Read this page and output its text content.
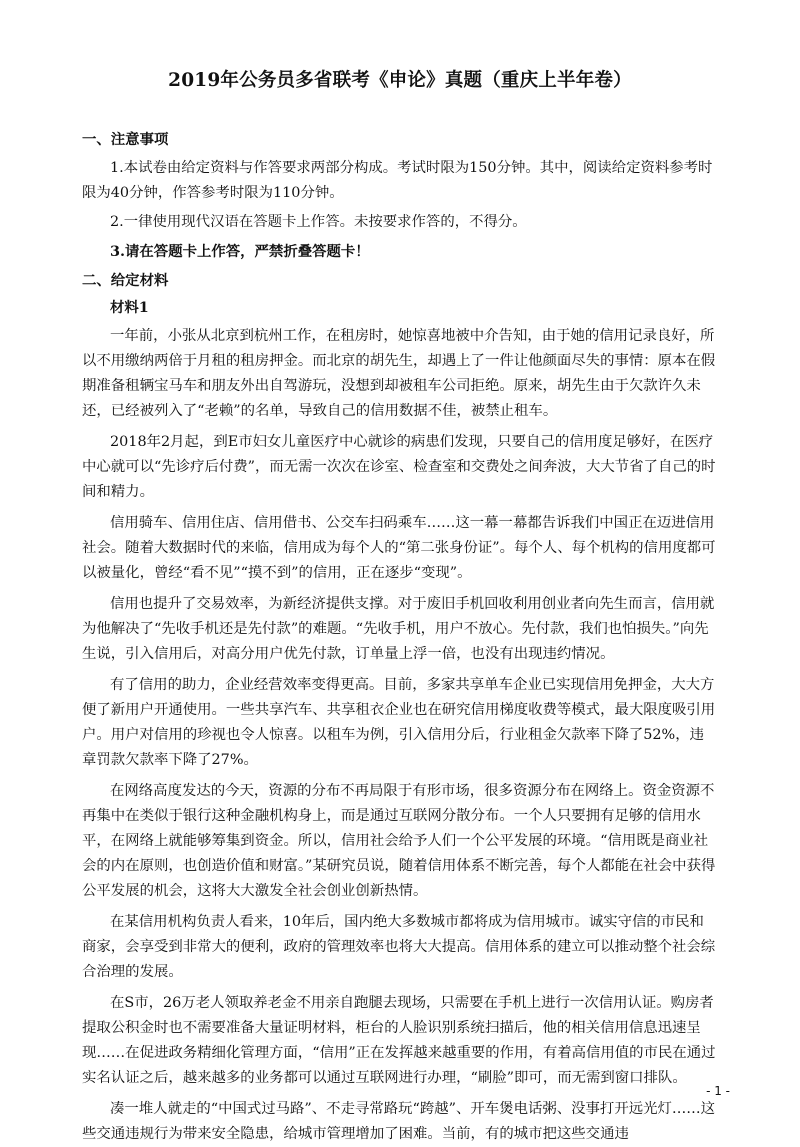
2019年公务员多省联考《申论》真题（重庆上半年卷）

一、注意事项

1.本试卷由给定资料与作答要求两部分构成。考试时限为150分钟。其中，阅读给定资料参考时限为40分钟，作答参考时限为110分钟。

2.一律使用现代汉语在答题卡上作答。未按要求作答的，不得分。

3.请在答题卡上作答，严禁折叠答题卡！

二、给定材料

材料1

一年前，小张从北京到杭州工作，在租房时，她惊喜地被中介告知，由于她的信用记录良好，所以不用缴纳两倍于月租的租房押金。而北京的胡先生，却遇上了一件让他颜面尽失的事情：原本在假期准备租辆宝马车和朋友外出自驾游玩，没想到却被租车公司拒绝。原来，胡先生由于欠款许久未还，已经被列入了“老赖”的名单，导致自己的信用数据不佳，被禁止租车。

2018年2月起，到E市妇女儿童医疗中心就诊的病患们发现，只要自己的信用度足够好，在医疗中心就可以“先诊疗后付费”，而无需一次次在诊室、检查室和交费处之间奔波，大大节省了自己的时间和精力。

信用骑车、信用住店、信用借书、公交车扫码乘车……这一幕一幕都告诉我们中国正在迈进信用社会。随着大数据时代的来临，信用成为每个人的“第二张身份证”。每个人、每个机构的信用度都可以被量化，曾经“看不见”“摸不到”的信用，正在逐步“变现”。

信用也提升了交易效率，为新经济提供支撑。对于废旧手机回收利用创业者向先生而言，信用就为他解决了“先收手机还是先付款”的难题。“先收手机，用户不放心。先付款，我们也怕损失。”向先生说，引入信用后，对高分用户优先付款，订单量上浮一倍，也没有出现违约情况。

有了信用的助力，企业经营效率变得更高。目前，多家共享单车企业已实现信用免押金，大大方便了新用户开通使用。一些共享汽车、共享租衣企业也在研究信用梯度收费等模式，最大限度吸引用户。用户对信用的珍视也令人惊喜。以租车为例，引入信用分后，行业租金欠款率下降了52%，违章罚款欠款率下降了27%。

在网络高度发达的今天，资源的分布不再局限于有形市场，很多资源分布在网络上。资金资源不再集中在类似于银行这种金融机构身上，而是通过互联网分散分布。一个人只要拥有足够的信用水平，在网络上就能够筹集到资金。所以，信用社会给予人们一个公平发展的环境。“信用既是商业社会的内在原则，也创造价值和财富。”某研究员说，随着信用体系不断完善，每个人都能在社会中获得公平发展的机会，这将大大激发全社会创业创新热情。

在某信用机构负责人看来，10年后，国内绝大多数城市都将成为信用城市。诚实守信的市民和商家，会享受到非常大的便利，政府的管理效率也将大大提高。信用体系的建立可以推动整个社会综合治理的发展。

在S市，26万老人领取养老金不用亲自跑腿去现场，只需要在手机上进行一次信用认证。购房者提取公积金时也不需要准备大量证明材料，柜台的人脸识别系统扫描后，他的相关信用信息迅速呈现……在促进政务精细化管理方面，“信用”正在发挥越来越重要的作用，有着高信用值的市民在通过实名认证之后，越来越多的业务都可以通过互联网进行办理，“刷脸”即可，而无需到窗口排队。

凑一堆人就走的“中国式过马路”、不走寻常路玩“跨越”、开车煲电话粥、没事打开远光灯……这些交通违规行为带来安全隐患，给城市管理增加了困难。当前，有的城市把这些交通违

- 1 -
